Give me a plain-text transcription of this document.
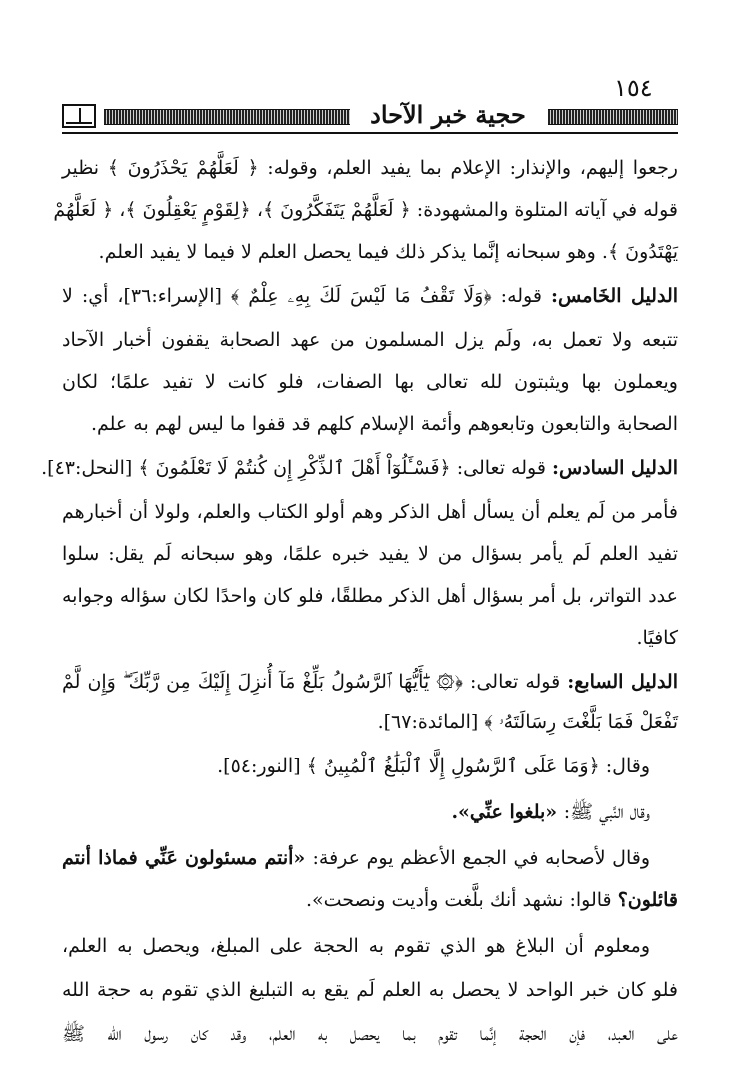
١٥٤
حجية خبر الآحاد
رجعوا إليهم، والإنذار: الإعلام بما يفيد العلم، وقوله: ﴿ لَعَلَّهُمْ يَحْذَرُونَ ﴾ نظير
قوله في آياته المتلوة والمشهودة: ﴿ لَعَلَّهُمْ يَتَفَكَّرُونَ ﴾، ﴿لِقَوْمٍ يَعْقِلُونَ ﴾، ﴿ لَعَلَّهُمْ
يَهْتَدُونَ ﴾. وهو سبحانه إنَّما يذكر ذلك فيما يحصل العلم لا فيما لا يفيد العلم.
الدليل الخَامس: قوله: ﴿وَلَا تَقْفُ مَا لَيْسَ لَكَ بِهِۦ عِلْمٌ ﴾ [الإسراء:٣٦]، أي: لا
تتبعه ولا تعمل به، ولَم يزل المسلمون من عهد الصحابة يقفون أخبار الآحاد
ويعملون بها ويثبتون لله تعالى بها الصفات، فلو كانت لا تفيد علمًا؛ لكان
الصحابة والتابعون وتابعوهم وأئمة الإسلام كلهم قد قفوا ما ليس لهم به علم.
الدليل السادس: قوله تعالى: ﴿فَسْـَٔلُوٓاْ أَهْلَ ٱلذِّكْرِ إِن كُنتُمْ لَا تَعْلَمُونَ ﴾ [النحل:٤٣].
فأمر من لَم يعلم أن يسأل أهل الذكر وهم أولو الكتاب والعلم، ولولا أن أخبارهم
تفيد العلم لَم يأمر بسؤال من لا يفيد خبره علمًا، وهو سبحانه لَم يقل: سلوا
عدد التواتر، بل أمر بسؤال أهل الذكر مطلقًا، فلو كان واحدًا لكان سؤاله وجوابه
كافيًا.
الدليل السابع: قوله تعالى: ﴿۞ يَٰٓأَيُّهَا ٱلرَّسُولُ بَلِّغْ مَآ أُنزِلَ إِلَيْكَ مِن رَّبِّكَ ۖ وَإِن لَّمْ
تَفْعَلْ فَمَا بَلَّغْتَ رِسَالَتَهُۥ ﴾ [المائدة:٦٧].
وقال: ﴿وَمَا عَلَى ٱلرَّسُولِ إِلَّا ٱلْبَلَٰغُ ٱلْمُبِينُ ﴾ [النور:٥٤].
وقال النَّبي ﷺ: «بلغوا عنِّي».
وقال لأصحابه في الجمع الأعظم يوم عرفة: «أنتم مسئولون عَنِّي فماذا أنتم
قائلون؟ قالوا: نشهد أنك بلَّغت وأديت ونصحت».
ومعلوم أن البلاغ هو الذي تقوم به الحجة على المبلغ، ويحصل به العلم،
فلو كان خبر الواحد لا يحصل به العلم لَم يقع به التبليغ الذي تقوم به حجة الله
على العبد، فإن الحجة إنَّما تقوم بما يحصل به العلم، وقد كان رسول الله ﷺ
